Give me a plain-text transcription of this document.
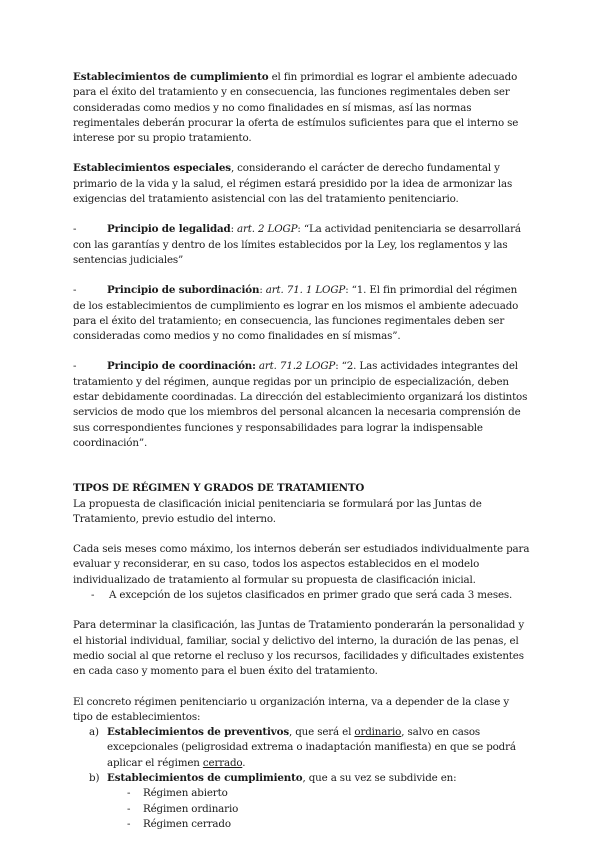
Establecimientos de cumplimiento el fin primordial es lograr el ambiente adecuado para el éxito del tratamiento y en consecuencia, las funciones regimentales deben ser consideradas como medios y no como finalidades en sí mismas, así las normas regimentales deberán procurar la oferta de estímulos suficientes para que el interno se interese por su propio tratamiento.

Establecimientos especiales, considerando el carácter de derecho fundamental y primario de la vida y la salud, el régimen estará presidido por la idea de armonizar las exigencias del tratamiento asistencial con las del tratamiento penitenciario.

-	Principio de legalidad: art. 2 LOGP: “La actividad penitenciaria se desarrollará con las garantías y dentro de los límites establecidos por la Ley, los reglamentos y las sentencias judiciales”

-	Principio de subordinación: art. 71. 1 LOGP: “1. El fin primordial del régimen de los establecimientos de cumplimiento es lograr en los mismos el ambiente adecuado para el éxito del tratamiento; en consecuencia, las funciones regimentales deben ser consideradas como medios y no como finalidades en sí mismas”.

-	Principio de coordinación: art. 71.2 LOGP: “2. Las actividades integrantes del tratamiento y del régimen, aunque regidas por un principio de especialización, deben estar debidamente coordinadas. La dirección del establecimiento organizará los distintos servicios de modo que los miembros del personal alcancen la necesaria comprensión de sus correspondientes funciones y responsabilidades para lograr la indispensable coordinación”.

TIPOS DE RÉGIMEN Y GRADOS DE TRATAMIENTO

La propuesta de clasificación inicial penitenciaria se formulará por las Juntas de Tratamiento, previo estudio del interno.

Cada seis meses como máximo, los internos deberán ser estudiados individualmente para evaluar y reconsiderar, en su caso, todos los aspectos establecidos en el modelo individualizado de tratamiento al formular su propuesta de clasificación inicial.

-	A excepción de los sujetos clasificados en primer grado que será cada 3 meses.

Para determinar la clasificación, las Juntas de Tratamiento ponderarán la personalidad y el historial individual, familiar, social y delictivo del interno, la duración de las penas, el medio social al que retorne el recluso y los recursos, facilidades y dificultades existentes en cada caso y momento para el buen éxito del tratamiento.

El concreto régimen penitenciario u organización interna, va a depender de la clase y tipo de establecimientos:

a) Establecimientos de preventivos, que será el ordinario, salvo en casos excepcionales (peligrosidad extrema o inadaptación manifiesta) en que se podrá aplicar el régimen cerrado.
b) Establecimientos de cumplimiento, que a su vez se subdivide en:
-	Régimen abierto
-	Régimen ordinario
-	Régimen cerrado
